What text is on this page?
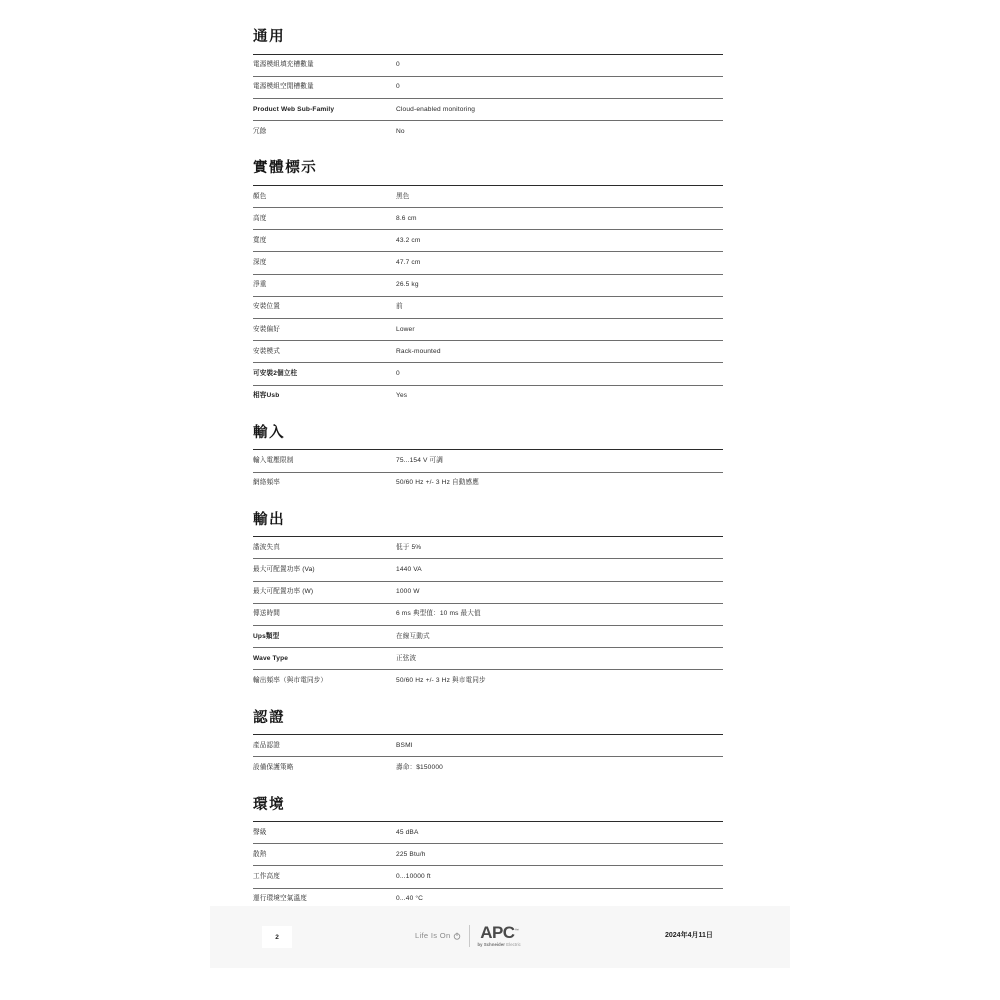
通用
電源模組填充槽數量	0
電源模組空閒槽數量	0
Product Web Sub-Family	Cloud-enabled monitoring
冗餘	No
實體標示
顏色	黑色
高度	8.6 cm
寬度	43.2 cm
深度	47.7 cm
淨重	26.5 kg
安裝位置	前
安裝偏好	Lower
安裝模式	Rack-mounted
可安裝2個立柱	0
相容Usb	Yes
輸入
輸入電壓限制	75...154 V 可調
網絡頻率	50/60 Hz +/- 3 Hz 自動感應
輸出
諧波失真	低于 5%
最大可配置功率 (Va)	1440 VA
最大可配置功率 (W)	1000 W
傳送時間	6 ms 典型值：10 ms 最大值
Ups類型	在線互動式
Wave Type	正弦波
輸出頻率（與市電同步）	50/60 Hz +/- 3 Hz 與市電同步
認證
產品認證	BSMI
設備保護策略	壽命：$150000
環境
聲級	45 dBA
散熱	225 Btu/h
工作高度	0...10000 ft
運行環境空氣溫度	0...40 °C

2	Life Is On APC™
by Schneider Electric
2024年4月11日
